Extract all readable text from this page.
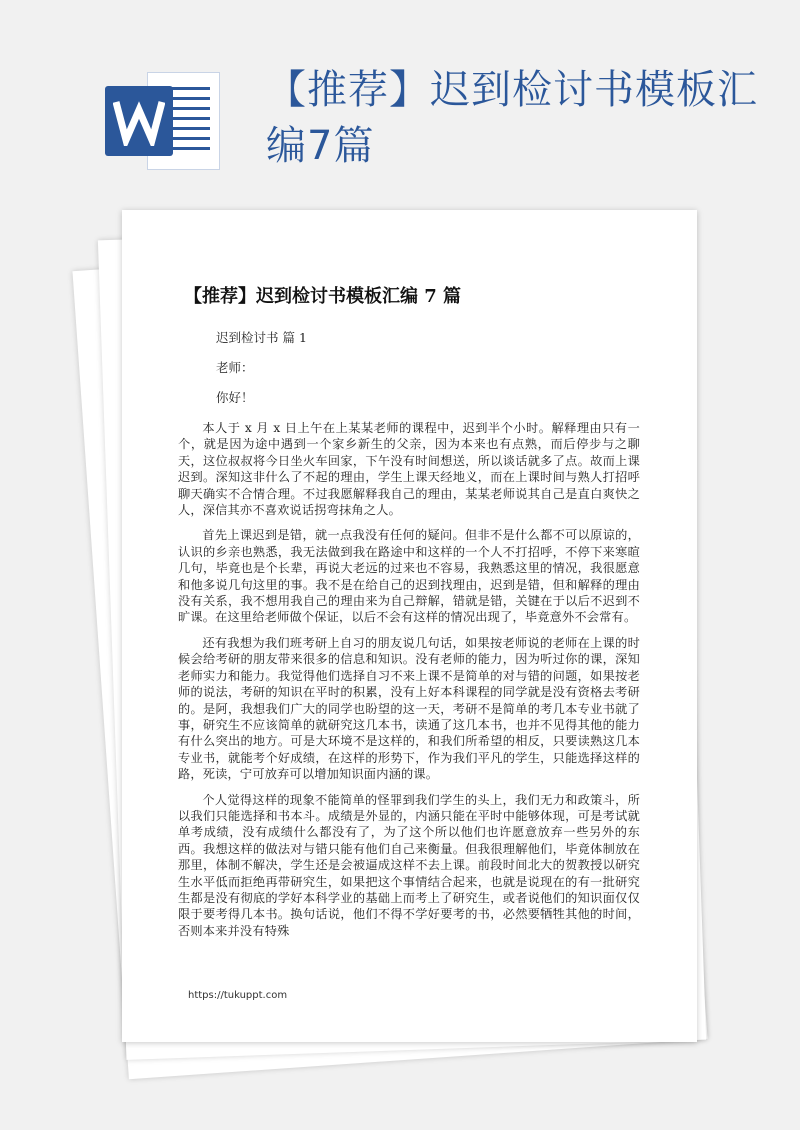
【推荐】迟到检讨书模板汇编7篇
【推荐】迟到检讨书模板汇编 7 篇
迟到检讨书 篇 1
老师：
你好！

本人于 x 月 x 日上午在上某某老师的课程中，迟到半个小时。解释理由只有一个，就是因为途中遇到一个家乡新生的父亲，因为本来也有点熟，而后停步与之聊天，这位叔叔将今日坐火车回家，下午没有时间想送，所以谈话就多了点。故而上课迟到。深知这非什么了不起的理由，学生上课天经地义，而在上课时间与熟人打招呼聊天确实不合情合理。不过我愿解释我自己的理由，某某老师说其自己是直白爽快之人，深信其亦不喜欢说话拐弯抹角之人。

首先上课迟到是错，就一点我没有任何的疑问。但非不是什么都不可以原谅的，认识的乡亲也熟悉，我无法做到我在路途中和这样的一个人不打招呼，不停下来寒暄几句，毕竟也是个长辈，再说大老远的过来也不容易，我熟悉这里的情况，我很愿意和他多说几句这里的事。我不是在给自己的迟到找理由，迟到是错，但和解释的理由没有关系，我不想用我自己的理由来为自己辩解，错就是错，关键在于以后不迟到不旷课。在这里给老师做个保证，以后不会有这样的情况出现了，毕竟意外不会常有。

还有我想为我们班考研上自习的朋友说几句话，如果按老师说的老师在上课的时候会给考研的朋友带来很多的信息和知识。没有老师的能力，因为听过你的课，深知老师实力和能力。我觉得他们选择自习不来上课不是简单的对与错的问题，如果按老师的说法，考研的知识在平时的积累，没有上好本科课程的同学就是没有资格去考研的。是阿，我想我们广大的同学也盼望的这一天，考研不是简单的考几本专业书就了事，研究生不应该简单的就研究这几本书，读通了这几本书，也并不见得其他的能力有什么突出的地方。可是大环境不是这样的，和我们所希望的相反，只要读熟这几本专业书，就能考个好成绩，在这样的形势下，作为我们平凡的学生，只能选择这样的路，死读，宁可放弃可以增加知识面内涵的课。

个人觉得这样的现象不能简单的怪罪到我们学生的头上，我们无力和政策斗，所以我们只能选择和书本斗。成绩是外显的，内涵只能在平时中能够体现，可是考试就单考成绩，没有成绩什么都没有了，为了这个所以他们也许愿意放弃一些另外的东西。我想这样的做法对与错只能有他们自己来衡量。但我很理解他们，毕竟体制放在那里，体制不解决，学生还是会被逼成这样不去上课。前段时间北大的贺教授以研究生水平低而拒绝再带研究生，如果把这个事情结合起来，也就是说现在的有一批研究生都是没有彻底的学好本科学业的基础上而考上了研究生，或者说他们的知识面仅仅限于要考得几本书。换句话说，他们不得不学好要考的书，必然要牺牲其他的时间，否则本来并没有特殊

https://tukuppt.com
